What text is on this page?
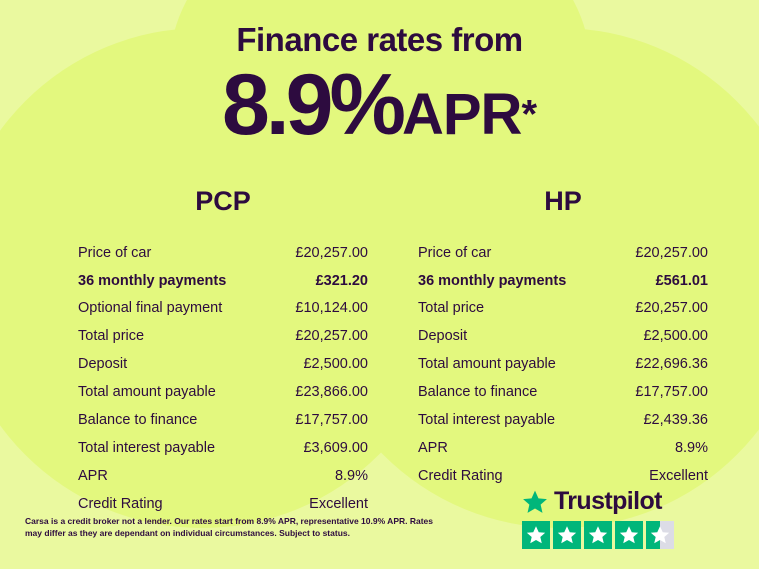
Finance rates from
8.9%APR*
PCP
Price of car	£20,257.00
36 monthly payments	£321.20
Optional final payment	£10,124.00
Total price	£20,257.00
Deposit	£2,500.00
Total amount payable	£23,866.00
Balance to finance	£17,757.00
Total interest payable	£3,609.00
APR	8.9%
Credit Rating	Excellent
HP
Price of car	£20,257.00
36 monthly payments	£561.01
Total price	£20,257.00
Deposit	£2,500.00
Total amount payable	£22,696.36
Balance to finance	£17,757.00
Total interest payable	£2,439.36
APR	8.9%
Credit Rating	Excellent
Carsa is a credit broker not a lender. Our rates start from 8.9% APR, representative 10.9% APR. Rates may differ as they are dependant on individual circumstances. Subject to status.
Trustpilot
